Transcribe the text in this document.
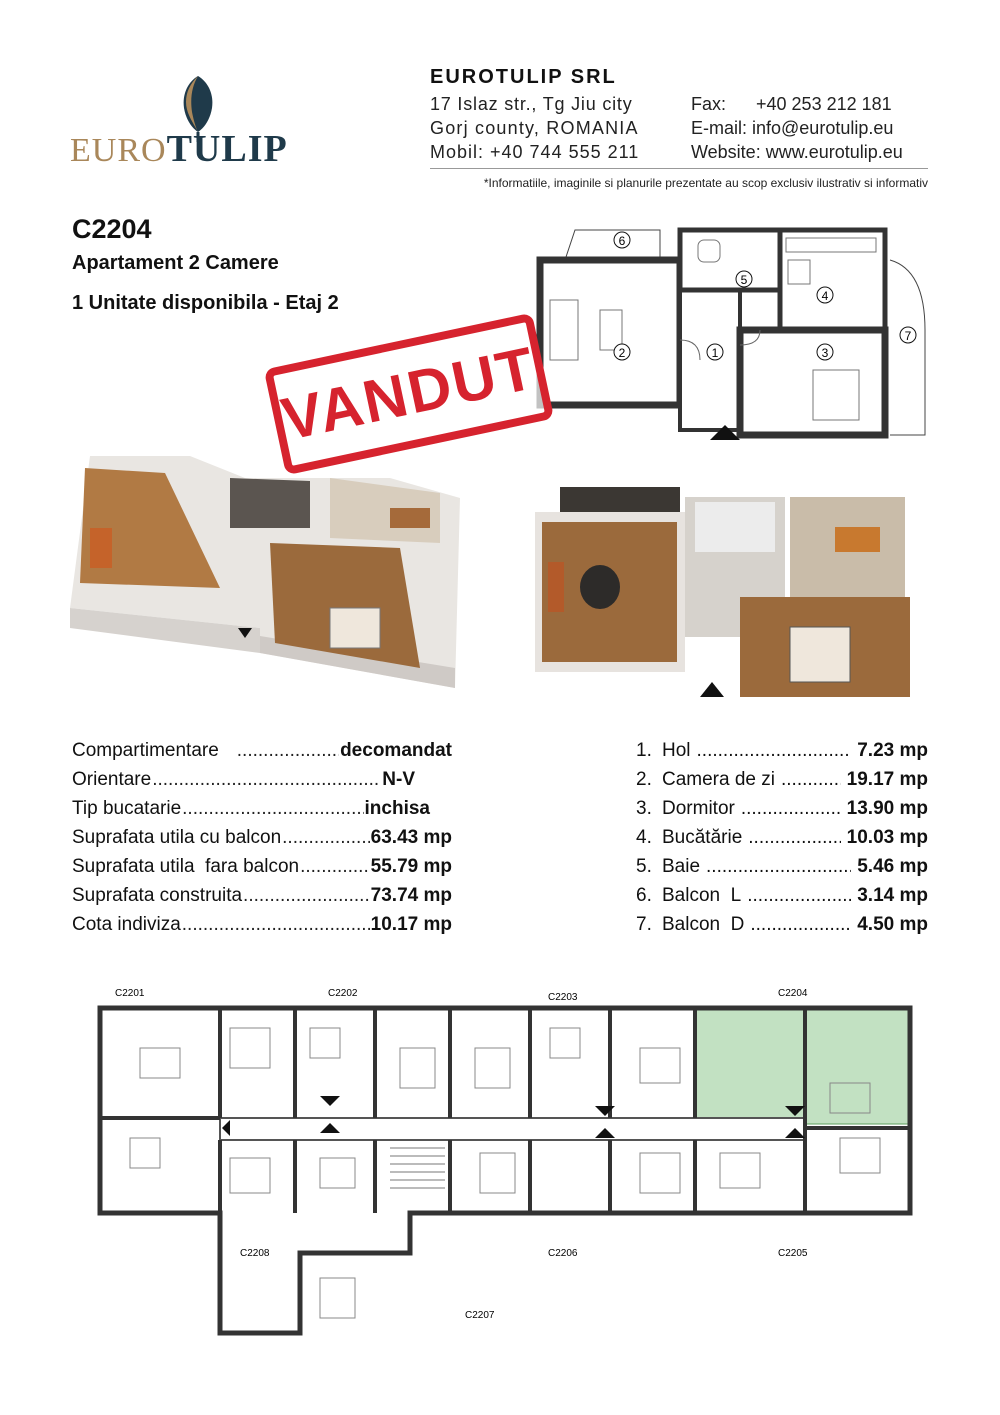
EUROTULIP
EUROTULIP SRL
17 Islaz str., Tg Jiu city
Gorj county, ROMANIA
Mobil: +40 744 555 211
Fax:      +40 253 212 181
E-mail: info@eurotulip.eu
Website: www.eurotulip.eu
*Informatiile, imaginile si planurile prezentate au scop exclusiv ilustrativ si informativ
C2204
Apartament 2 Camere
1 Unitate disponibila - Etaj 2
6
5
4
7
2	1	3
VANDUT
Compartimentare .....	decomandat
Orientare .....	N-V
Tip bucatarie .....	inchisa
Suprafata utila cu balcon .....	63.43 mp
Suprafata utila  fara balcon .....	55.79 mp
Suprafata construita .....	73.74 mp
Cota indiviza .....	10.17 mp
1. Hol .....	7.23 mp
2. Camera de zi .....	19.17 mp
3. Dormitor .....	13.90 mp
4. Bucătărie .....	10.03 mp
5. Baie .....	5.46 mp
6. Balcon  L .....	3.14 mp
7. Balcon  D .....	4.50 mp
C2201	C2202	C2203	C2204
C2205
C2206
C2207
C2208
